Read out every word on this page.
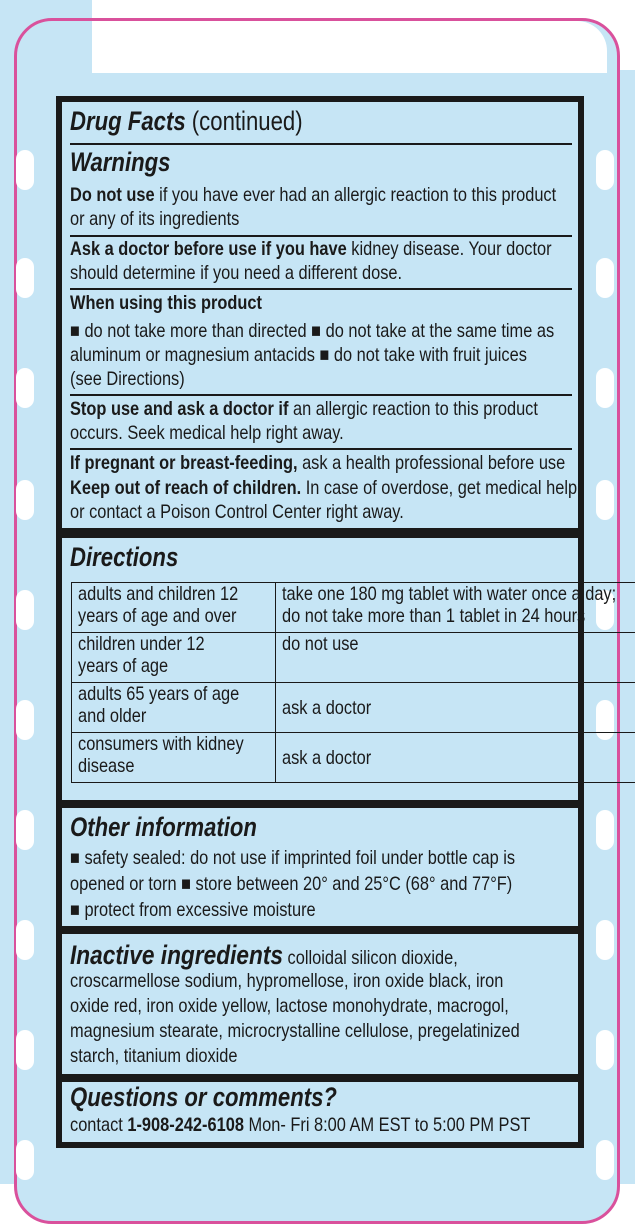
Drug Facts (continued)
Warnings
Do not use if you have ever had an allergic reaction to this product
or any of its ingredients
Ask a doctor before use if you have kidney disease. Your doctor
should determine if you need a different dose.
When using this product
■ do not take more than directed ■ do not take at the same time as
aluminum or magnesium antacids ■ do not take with fruit juices
(see Directions)
Stop use and ask a doctor if an allergic reaction to this product
occurs. Seek medical help right away.
If pregnant or breast-feeding, ask a health professional before use
Keep out of reach of children. In case of overdose, get medical help
or contact a Poison Control Center right away.
Directions
adults and children 12
years of age and over	take one 180 mg tablet with water once a day;
do not take more than 1 tablet in 24 hours
children under 12
years of age	do not use
adults 65 years of age
and older	ask a doctor
consumers with kidney
disease	ask a doctor
Other information
■ safety sealed: do not use if imprinted foil under bottle cap is
opened or torn ■ store between 20° and 25°C (68° and 77°F)
■ protect from excessive moisture
Inactive ingredients colloidal silicon dioxide,
croscarmellose sodium, hypromellose, iron oxide black, iron
oxide red, iron oxide yellow, lactose monohydrate, macrogol,
magnesium stearate, microcrystalline cellulose, pregelatinized
starch, titanium dioxide
Questions or comments?
contact 1-908-242-6108 Mon- Fri 8:00 AM EST to 5:00 PM PST
